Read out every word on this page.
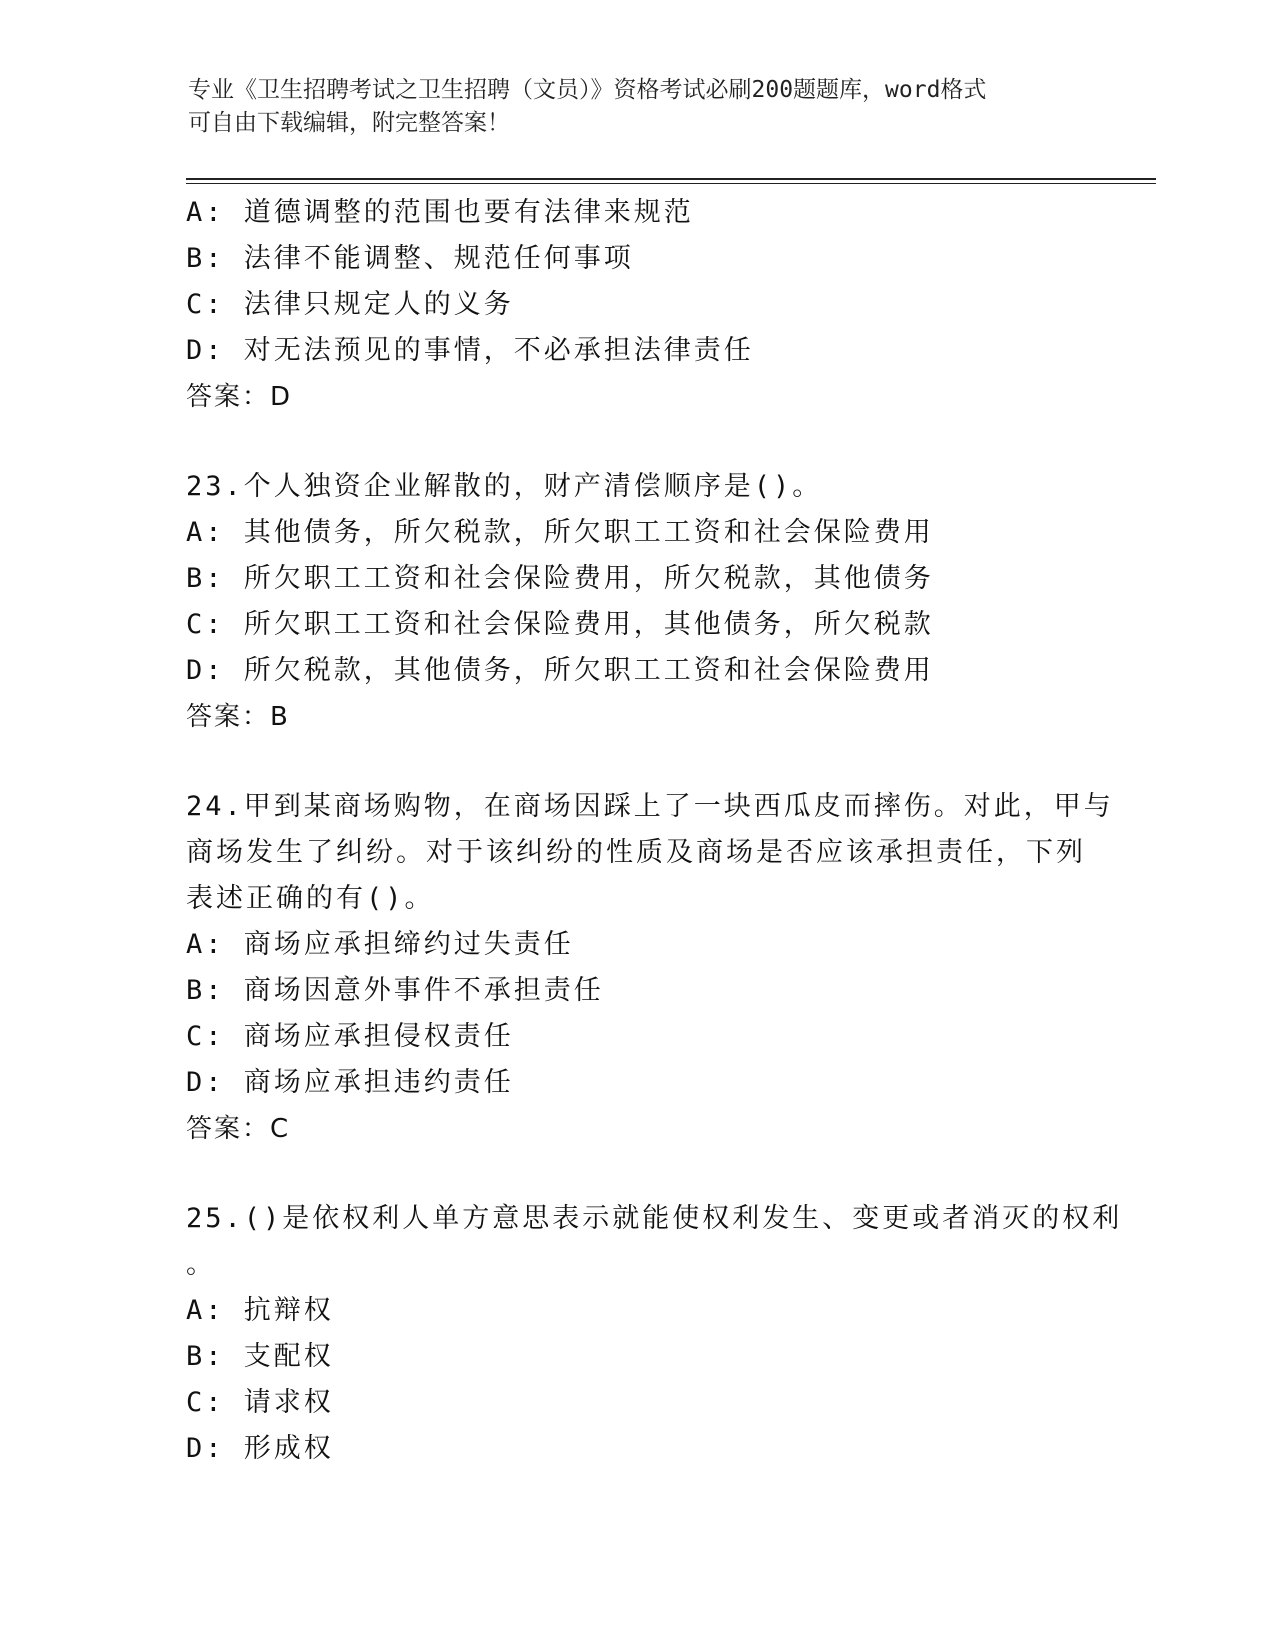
专业《卫生招聘考试之卫生招聘（文员）》资格考试必刷200题题库，word格式
可自由下载编辑，附完整答案！
A: 道德调整的范围也要有法律来规范
B: 法律不能调整、规范任何事项
C: 法律只规定人的义务
D: 对无法预见的事情，不必承担法律责任
答案：D
23.个人独资企业解散的，财产清偿顺序是()。
A: 其他债务，所欠税款，所欠职工工资和社会保险费用
B: 所欠职工工资和社会保险费用，所欠税款，其他债务
C: 所欠职工工资和社会保险费用，其他债务，所欠税款
D: 所欠税款，其他债务，所欠职工工资和社会保险费用
答案：B
24.甲到某商场购物，在商场因踩上了一块西瓜皮而摔伤。对此，甲与
商场发生了纠纷。对于该纠纷的性质及商场是否应该承担责任，下列
表述正确的有()。
A: 商场应承担缔约过失责任
B: 商场因意外事件不承担责任
C: 商场应承担侵权责任
D: 商场应承担违约责任
答案：C
25.()是依权利人单方意思表示就能使权利发生、变更或者消灭的权利
。
A: 抗辩权
B: 支配权
C: 请求权
D: 形成权
